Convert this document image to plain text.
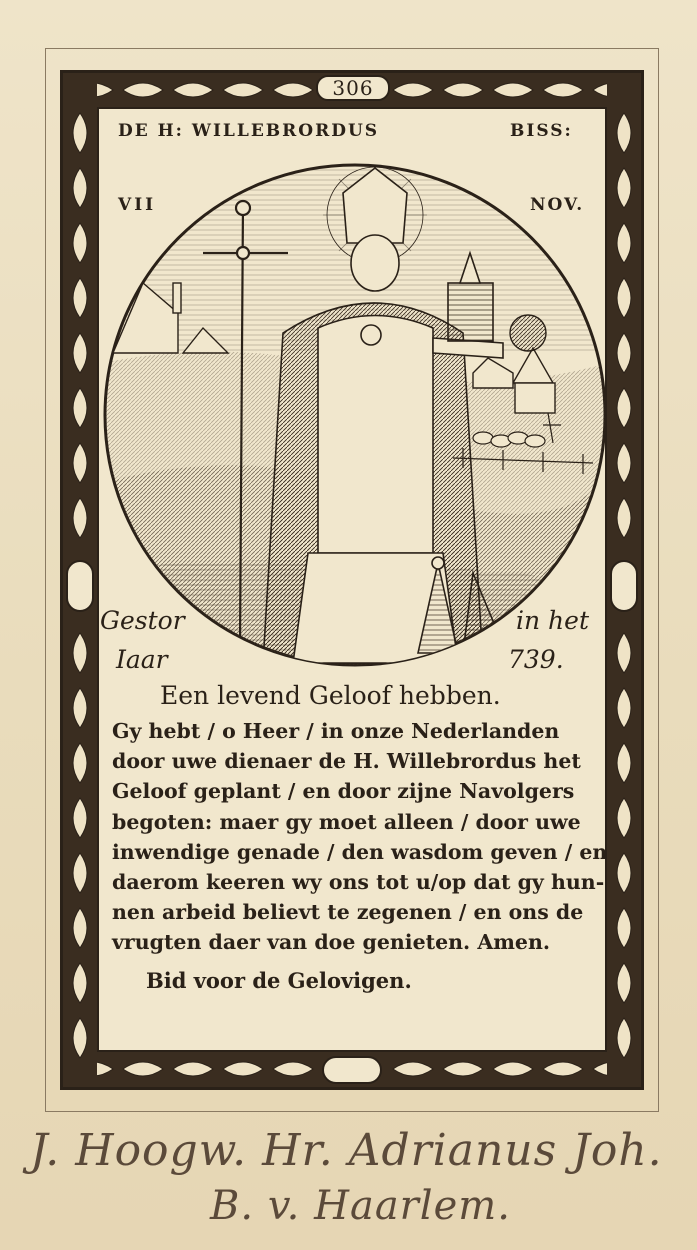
306
DE H: WILLEBRORDUS	BISS:
VII	NOV.
Gestor	in het
Iaar	739.
Een levend Geloof hebben.
Gy hebt / o Heer / in onze Nederlanden
door uwe dienaer de H. Willebrordus het
Geloof geplant / en door zijne Navolgers
begoten: maer gy moet alleen / door uwe
inwendige genade / den wasdom geven / en
daerom keeren wy ons tot u/op dat gy hun-
nen arbeid believt te zegenen / en ons de
vrugten daer van doe genieten. Amen.
Bid voor de Gelovigen.
J. Hoogw. Hr. Adrianus Joh.
B. v. Haarlem.
